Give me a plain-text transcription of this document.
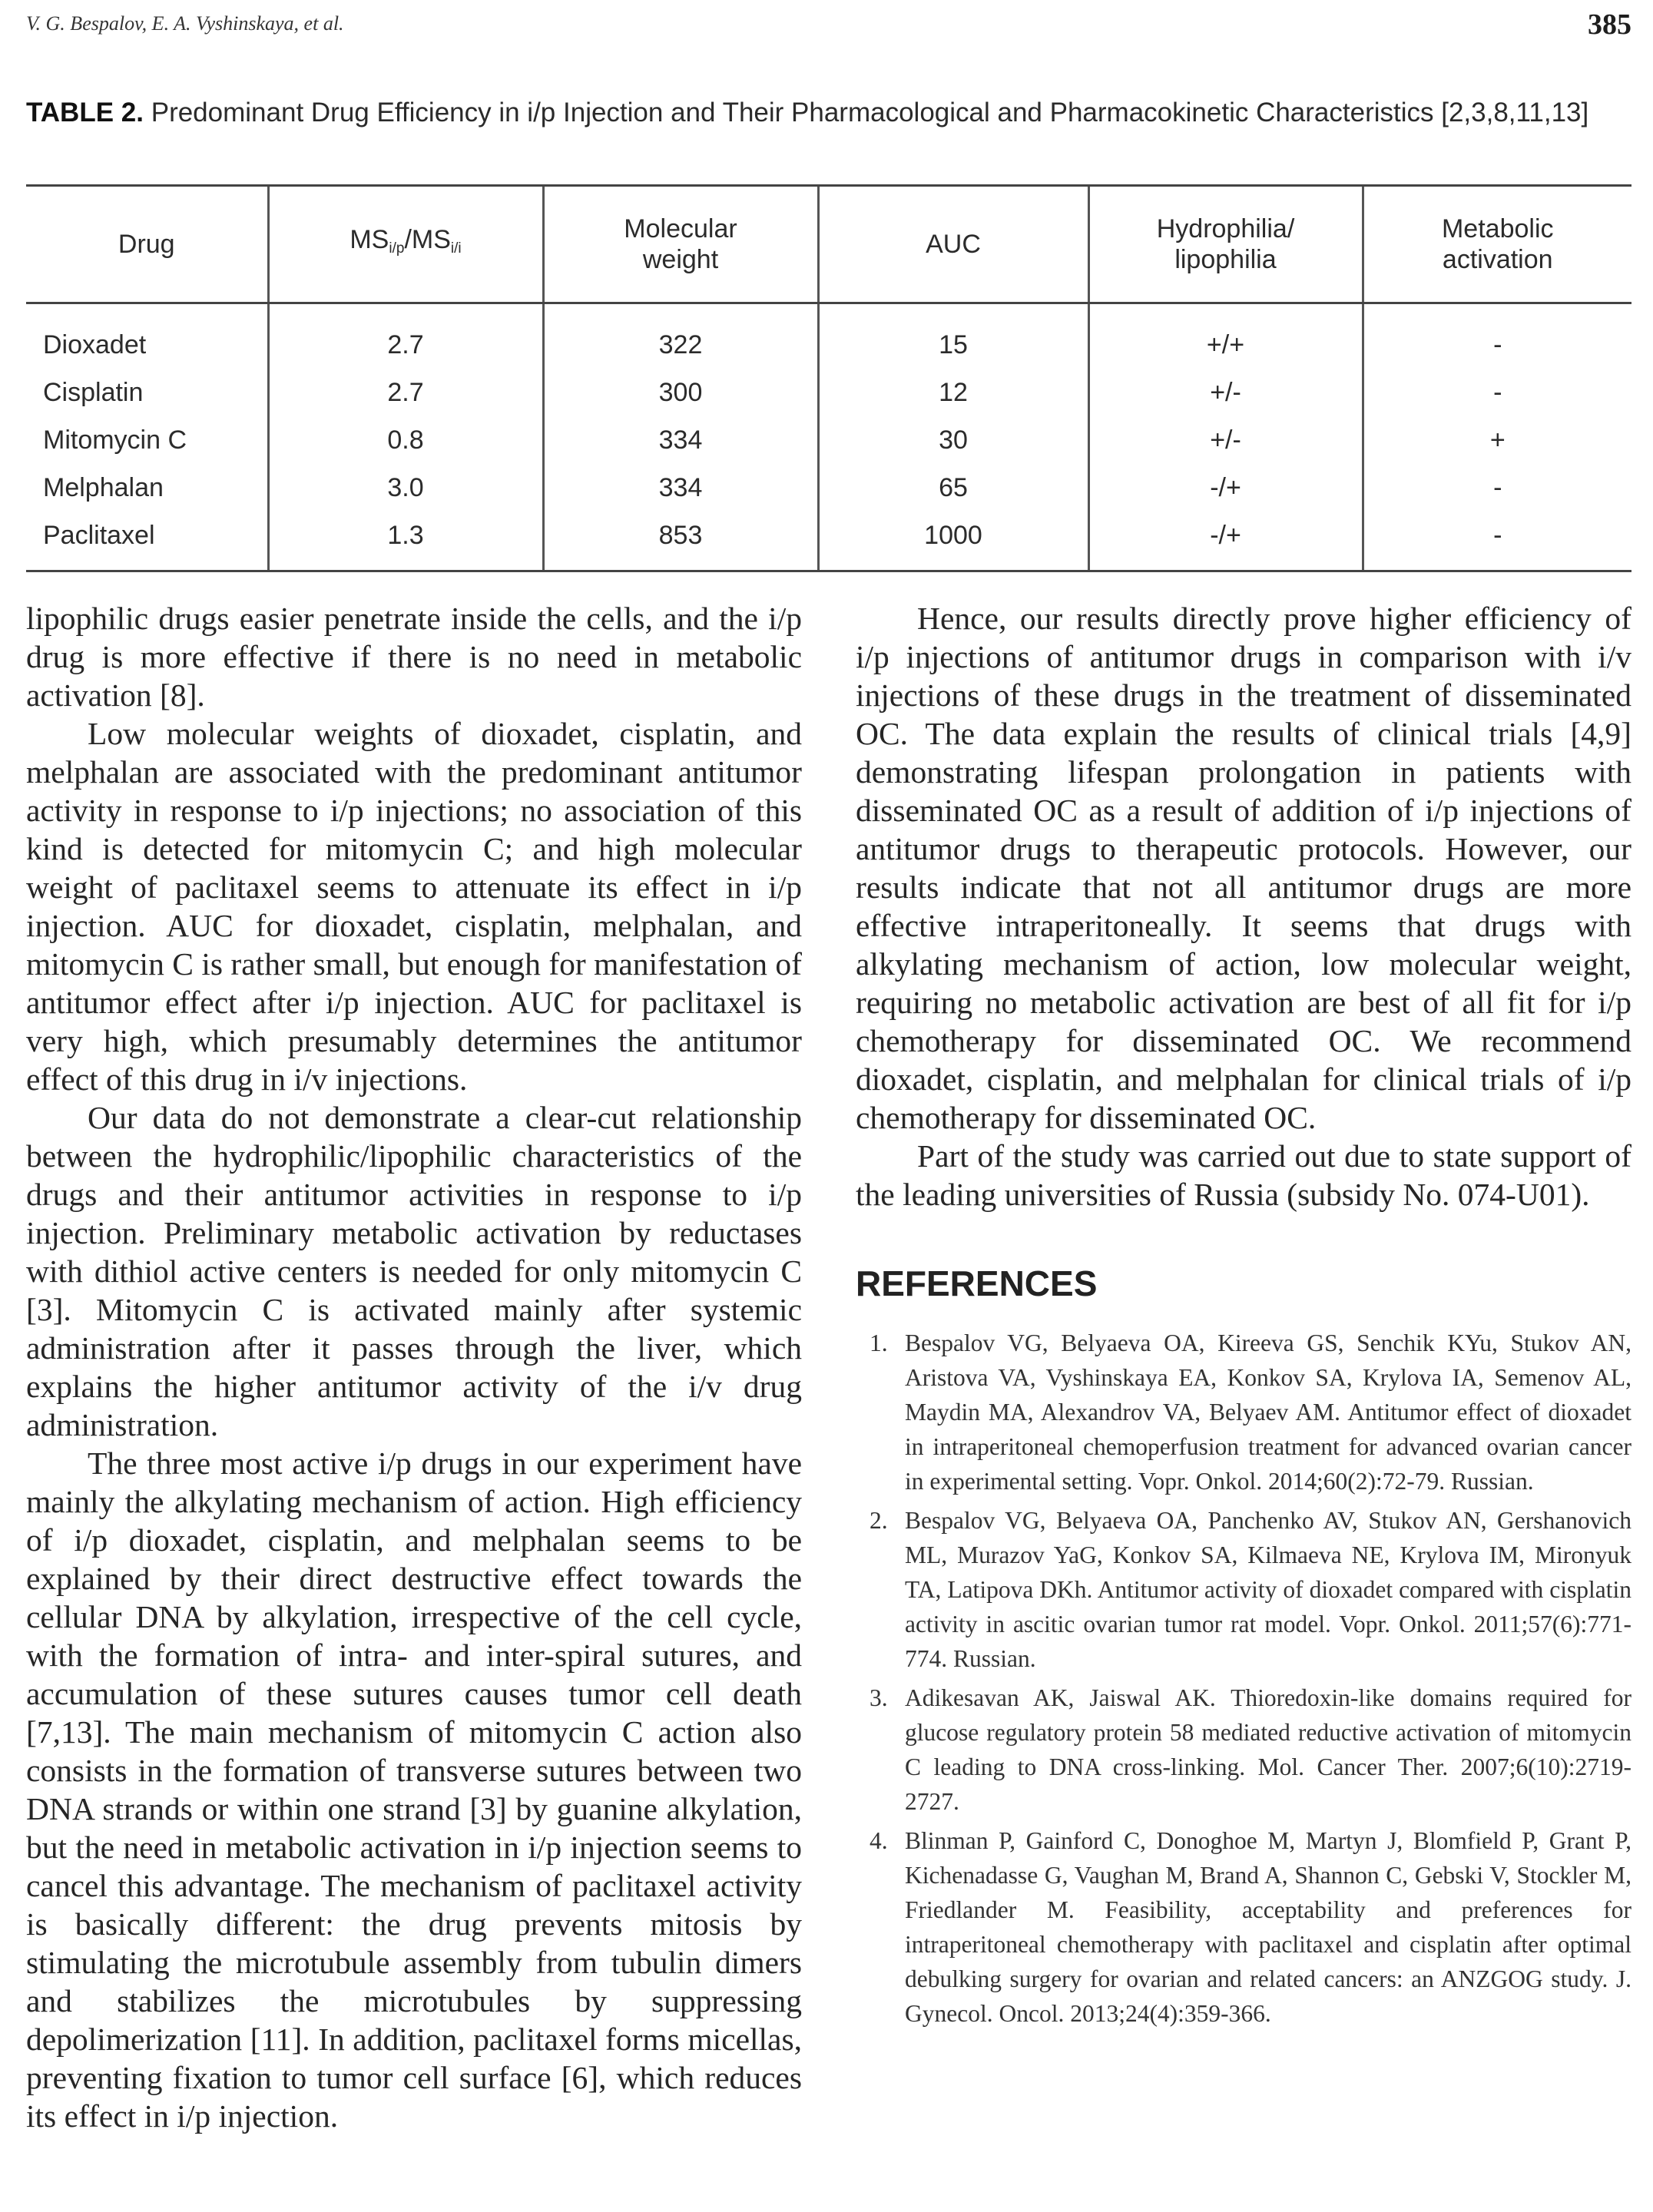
V. G. Bespalov, E. A. Vyshinskaya, et al.	385
TABLE 2. Predominant Drug Efficiency in i/p Injection and Their Pharmacological and Pharmacokinetic Characteristics [2,3,8,11,13]
Drug	$MS_{i/p}/MS_{i/i}$	Molecular weight	AUC	Hydrophilia/ lipophilia	Metabolic activation

Dioxadet	2.7	322	15	+/+	-
Cisplatin	2.7	300	12	+/-	-
Mitomycin C	0.8	334	30	+/-	+
Melphalan	3.0	334	65	-/+	-
Paclitaxel	1.3	853	1000	-/+	-

lipophilic drugs easier penetrate inside the cells, and the i/p drug is more effective if there is no need in metabolic activation [8].

Low molecular weights of dioxadet, cisplatin, and melphalan are associated with the predominant antitumor activity in response to i/p injections; no association of this kind is detected for mitomycin C; and high molecular weight of paclitaxel seems to attenuate its effect in i/p injection. AUC for dioxadet, cisplatin, melphalan, and mitomycin C is rather small, but enough for manifestation of antitumor effect after i/p injection. AUC for paclitaxel is very high, which presumably determines the antitumor effect of this drug in i/v injections.

Our data do not demonstrate a clear-cut relationship between the hydrophilic/lipophilic characteristics of the drugs and their antitumor activities in response to i/p injection. Preliminary metabolic activation by reductases with dithiol active centers is needed for only mitomycin C [3]. Mitomycin C is activated mainly after systemic administration after it passes through the liver, which explains the higher antitumor activity of the i/v drug administration.

The three most active i/p drugs in our experiment have mainly the alkylating mechanism of action. High efficiency of i/p dioxadet, cisplatin, and melphalan seems to be explained by their direct destructive effect towards the cellular DNA by alkylation, irrespective of the cell cycle, with the formation of intra- and inter-spiral sutures, and accumulation of these sutures causes tumor cell death [7,13]. The main mechanism of mitomycin C action also consists in the formation of transverse sutures between two DNA strands or within one strand [3] by guanine alkylation, but the need in metabolic activation in i/p injection seems to cancel this advantage. The mechanism of paclitaxel activity is basically different: the drug prevents mitosis by stimulating the microtubule assembly from tubulin dimers and stabilizes the microtubules by suppressing depolimerization [11]. In addition, paclitaxel forms micellas, preventing fixation to tumor cell surface [6], which reduces its effect in i/p injection.

Hence, our results directly prove higher efficiency of i/p injections of antitumor drugs in comparison with i/v injections of these drugs in the treatment of disseminated OC. The data explain the results of clinical trials [4,9] demonstrating lifespan prolongation in patients with disseminated OC as a result of addition of i/p injections of antitumor drugs to therapeutic protocols. However, our results indicate that not all antitumor drugs are more effective intraperitoneally. It seems that drugs with alkylating mechanism of action, low molecular weight, requiring no metabolic activation are best of all fit for i/p chemotherapy for disseminated OC. We recommend dioxadet, cisplatin, and melphalan for clinical trials of i/p chemotherapy for disseminated OC.

Part of the study was carried out due to state support of the leading universities of Russia (subsidy No. 074-U01).

REFERENCES
1. Bespalov VG, Belyaeva OA, Kireeva GS, Senchik KYu, Stukov AN, Aristova VA, Vyshinskaya EA, Konkov SA, Krylova IA, Semenov AL, Maydin MA, Alexandrov VA, Belyaev AM. Antitumor effect of dioxadet in intraperitoneal chemoperfusion treatment for advanced ovarian cancer in experimental setting. Vopr. Onkol. 2014;60(2):72-79. Russian.
2. Bespalov VG, Belyaeva OA, Panchenko AV, Stukov AN, Gershanovich ML, Murazov YaG, Konkov SA, Kilmaeva NE, Krylova IM, Mironyuk TA, Latipova DKh. Antitumor activity of dioxadet compared with cisplatin activity in ascitic ovarian tumor rat model. Vopr. Onkol. 2011;57(6):771-774. Russian.
3. Adikesavan AK, Jaiswal AK. Thioredoxin-like domains required for glucose regulatory protein 58 mediated reductive activation of mitomycin C leading to DNA cross-linking. Mol. Cancer Ther. 2007;6(10):2719-2727.
4. Blinman P, Gainford C, Donoghoe M, Martyn J, Blomfield P, Grant P, Kichenadasse G, Vaughan M, Brand A, Shannon C, Gebski V, Stockler M, Friedlander M. Feasibility, acceptability and preferences for intraperitoneal chemotherapy with paclitaxel and cisplatin after optimal debulking surgery for ovarian and related cancers: an ANZGOG study. J. Gynecol. Oncol. 2013;24(4):359-366.
